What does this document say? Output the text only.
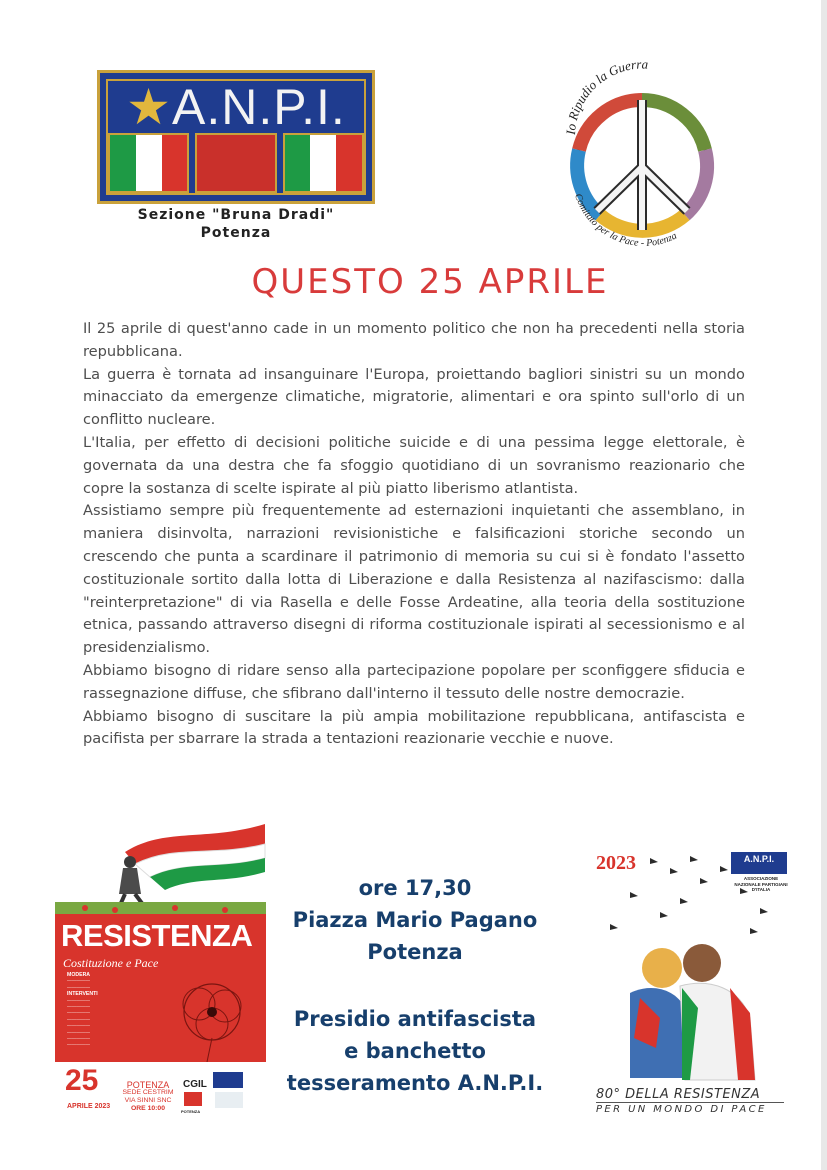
★A.N.P.I.
Sezione "Bruna Dradi"
Potenza
Io Ripudio la Guerra
Comitato per la Pace - Potenza
QUESTO 25 APRILE

Il 25 aprile di quest'anno cade in un momento politico che non ha precedenti nella storia repubblicana.

La guerra è tornata ad insanguinare l'Europa, proiettando bagliori sinistri su un mondo minacciato da emergenze climatiche, migratorie, alimentari e ora spinto sull'orlo di un conflitto nucleare.

L'Italia, per effetto di decisioni politiche suicide e di una pessima legge elettorale, è governata da una destra che fa sfoggio quotidiano di un sovranismo reazionario che copre la sostanza di scelte ispirate al più piatto liberismo atlantista.

Assistiamo sempre più frequentemente ad esternazioni inquietanti che assemblano, in maniera disinvolta, narrazioni revisionistiche e falsificazioni storiche secondo un crescendo che punta a scardinare il patrimonio di memoria su cui si è fondato l'assetto costituzionale sortito dalla lotta di Liberazione e dalla Resistenza al nazifascismo: dalla "reinterpretazione" di via Rasella e delle Fosse Ardeatine, alla teoria della sostituzione etnica, passando attraverso disegni di riforma costituzionale ispirati al secessionismo e al presidenzialismo.

Abbiamo bisogno di ridare senso alla partecipazione popolare per sconfiggere sfiducia e rassegnazione diffuse, che sfibrano dall'interno il tessuto delle nostre democrazie.

Abbiamo bisogno di suscitare la più ampia mobilitazione repubblicana, antifascista e pacifista per sbarrare la strada a tentazioni reazionarie vecchie e nuove.

RESISTENZA
Costituzione e Pace
MODERA
—————
—————
INTERVENTI
—————
—————
—————
—————
—————
—————
—————
—————
25
APRILE 2023
POTENZA
SEDE CESTRIM
VIA SINNI SNC
ORE 10:00
CGIL
POTENZA
ore 17,30
Piazza Mario Pagano
Potenza
Presidio antifascista
e banchetto
tesseramento A.N.P.I.
2023	A.N.P.I.
ASSOCIAZIONE NAZIONALE PARTIGIANI D'ITALIA
80° DELLA RESISTENZA
PER UN MONDO DI PACE
